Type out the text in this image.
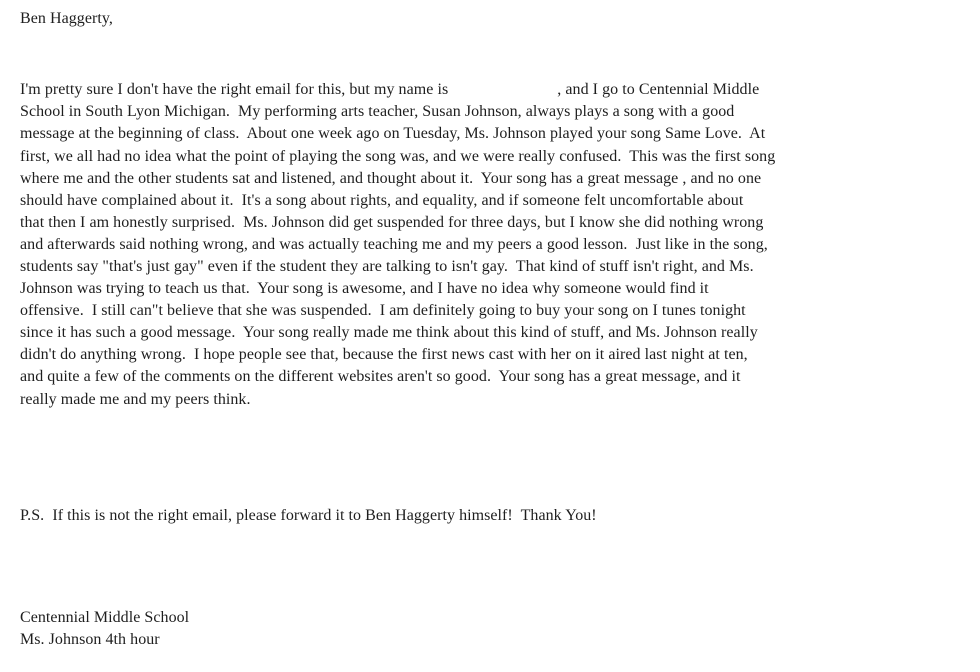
Ben Haggerty,
I'm pretty sure I don't have the right email for this, but my name is	, and I go to Centennial Middle
School in South Lyon Michigan.  My performing arts teacher, Susan Johnson, always plays a song with a good
message at the beginning of class.  About one week ago on Tuesday, Ms. Johnson played your song Same Love.  At
first, we all had no idea what the point of playing the song was, and we were really confused.  This was the first song
where me and the other students sat and listened, and thought about it.  Your song has a great message , and no one
should have complained about it.  It's a song about rights, and equality, and if someone felt uncomfortable about
that then I am honestly surprised.  Ms. Johnson did get suspended for three days, but I know she did nothing wrong
and afterwards said nothing wrong, and was actually teaching me and my peers a good lesson.  Just like in the song,
students say "that's just gay" even if the student they are talking to isn't gay.  That kind of stuff isn't right, and Ms.
Johnson was trying to teach us that.  Your song is awesome, and I have no idea why someone would find it
offensive.  I still can"t believe that she was suspended.  I am definitely going to buy your song on I tunes tonight
since it has such a good message.  Your song really made me think about this kind of stuff, and Ms. Johnson really
didn't do anything wrong.  I hope people see that, because the first news cast with her on it aired last night at ten,
and quite a few of the comments on the different websites aren't so good.  Your song has a great message, and it
really made me and my peers think.
P.S.  If this is not the right email, please forward it to Ben Haggerty himself!  Thank You!
Centennial Middle School
Ms. Johnson 4th hour
